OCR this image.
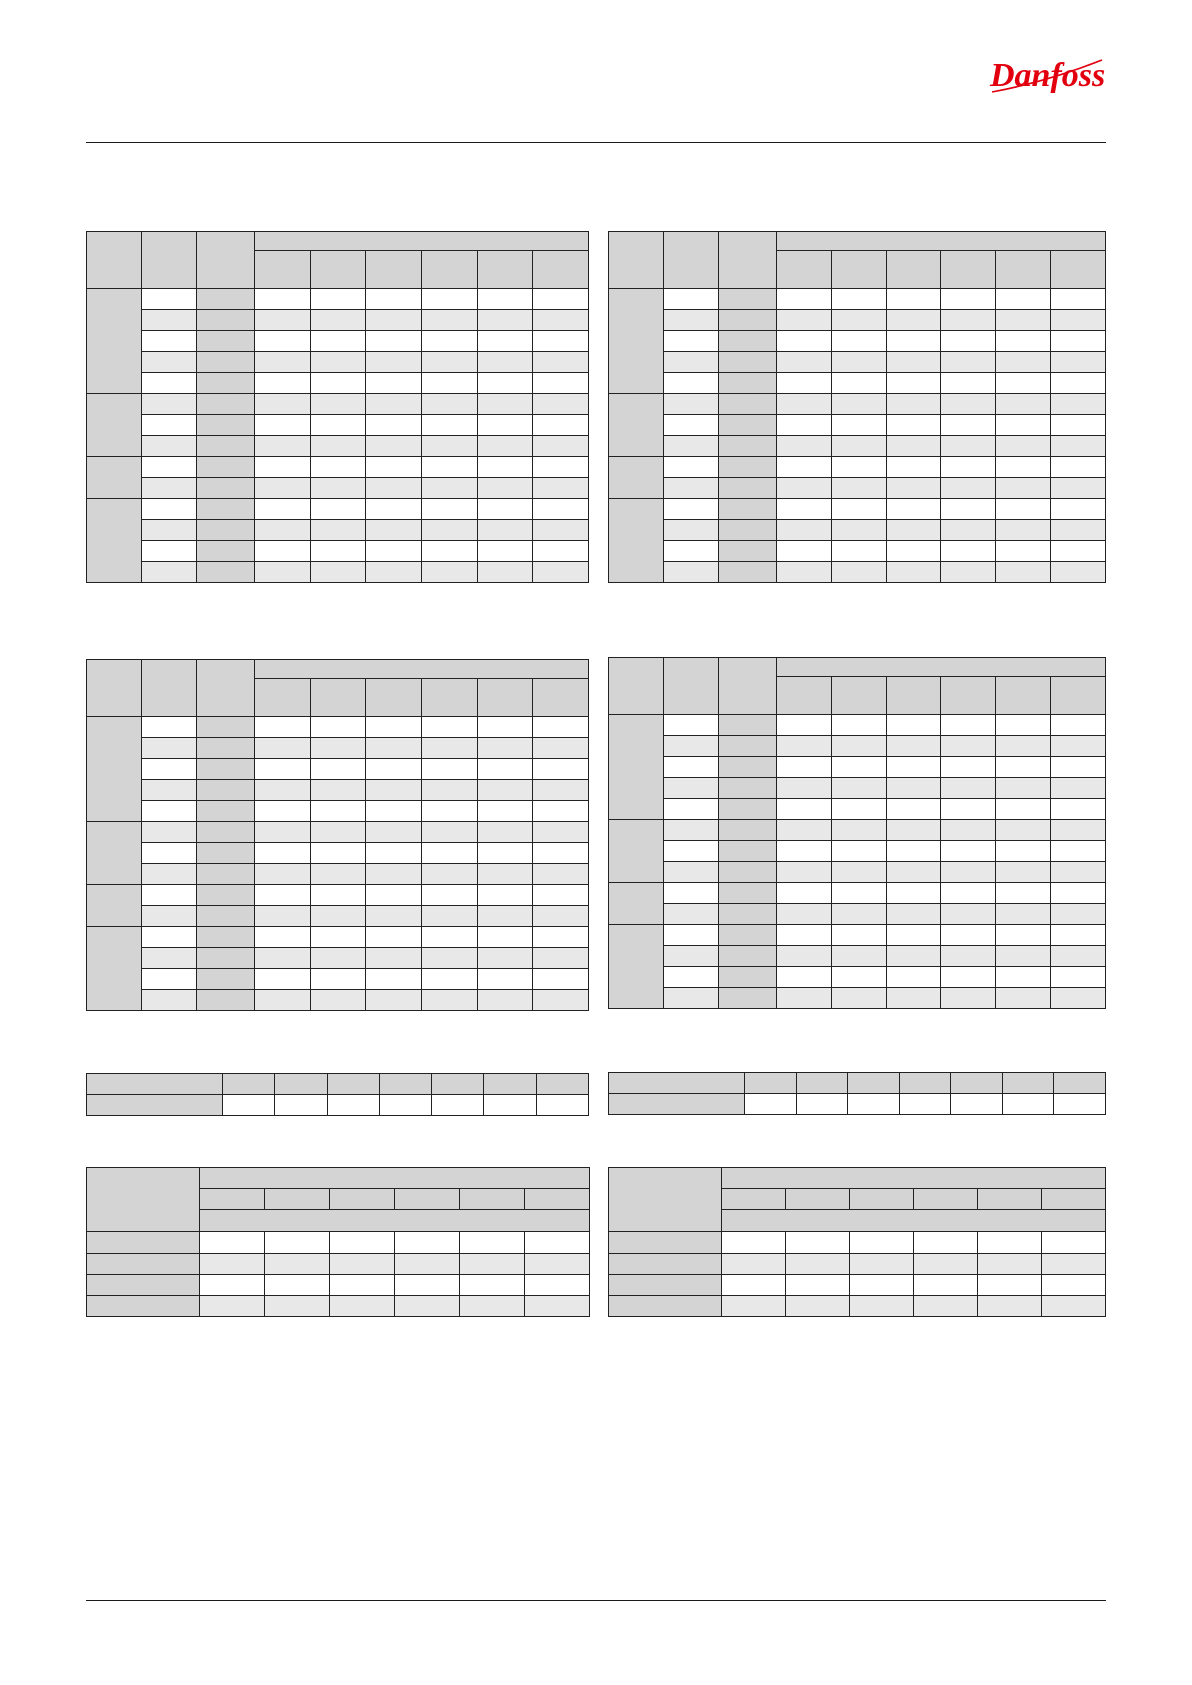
Danfoss
